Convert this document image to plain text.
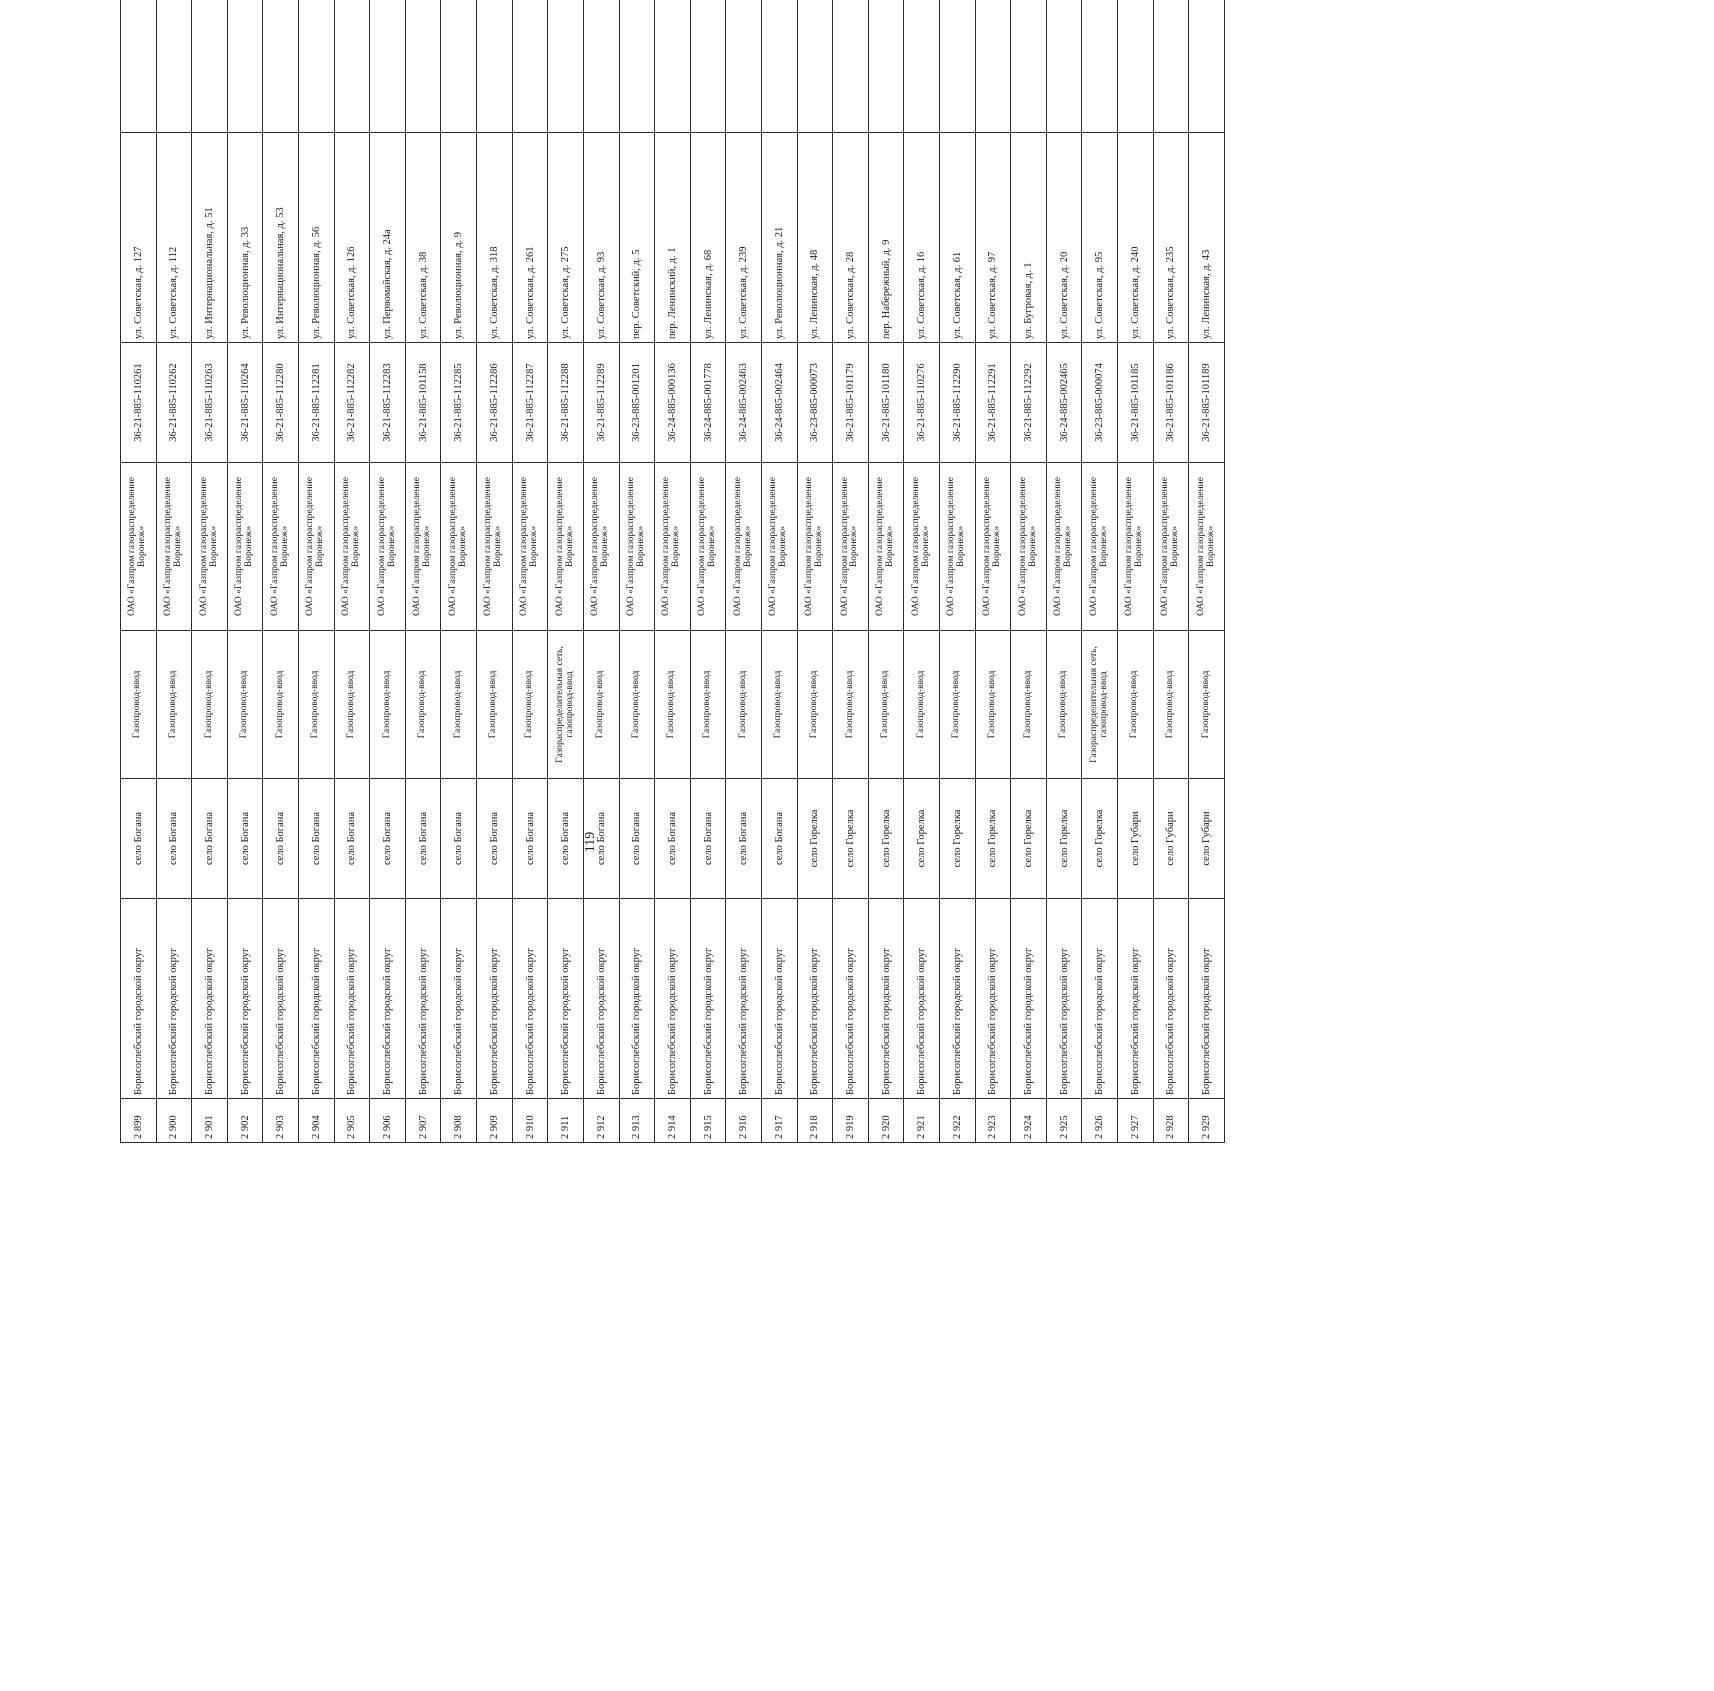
119
2 899	Борисоглебский городской округ	село Богана	Газопровод-ввод	ОАО «Газпром газораспределение Воронеж»	36-21-885-110261	ул. Советская, д. 127					
2 900	Борисоглебский городской округ	село Богана	Газопровод-ввод	ОАО «Газпром газораспределение Воронеж»	36-21-885-110262	ул. Советская, д. 112					
2 901	Борисоглебский городской округ	село Богана	Газопровод-ввод	ОАО «Газпром газораспределение Воронеж»	36-21-885-110263	ул. Интернациональная, д. 51					
2 902	Борисоглебский городской округ	село Богана	Газопровод-ввод	ОАО «Газпром газораспределение Воронеж»	36-21-885-110264	ул. Революционная, д. 33					
2 903	Борисоглебский городской округ	село Богана	Газопровод-ввод	ОАО «Газпром газораспределение Воронеж»	36-21-885-112280	ул. Интернациональная, д. 53					
2 904	Борисоглебский городской округ	село Богана	Газопровод-ввод	ОАО «Газпром газораспределение Воронеж»	36-21-885-112281	ул. Революционная, д. 56					
2 905	Борисоглебский городской округ	село Богана	Газопровод-ввод	ОАО «Газпром газораспределение Воронеж»	36-21-885-112282	ул. Советская, д. 126					
2 906	Борисоглебский городской округ	село Богана	Газопровод-ввод	ОАО «Газпром газораспределение Воронеж»	36-21-885-112283	ул. Первомайская, д. 24а					
2 907	Борисоглебский городской округ	село Богана	Газопровод-ввод	ОАО «Газпром газораспределение Воронеж»	36-21-885-101158	ул. Советская, д. 38					
2 908	Борисоглебский городской округ	село Богана	Газопровод-ввод	ОАО «Газпром газораспределение Воронеж»	36-21-885-112285	ул. Революционная, д. 9					
2 909	Борисоглебский городской округ	село Богана	Газопровод-ввод	ОАО «Газпром газораспределение Воронеж»	36-21-885-112286	ул. Советская, д. 318					
2 910	Борисоглебский городской округ	село Богана	Газопровод-ввод	ОАО «Газпром газораспределение Воронеж»	36-21-885-112287	ул. Советская, д. 261					
2 911	Борисоглебский городской округ	село Богана	Газораспределительная сеть, газопровод-ввод	ОАО «Газпром газораспределение Воронеж»	36-21-885-112288	ул. Советская, д. 275					
2 912	Борисоглебский городской округ	село Богана	Газопровод-ввод	ОАО «Газпром газораспределение Воронеж»	36-21-885-112289	ул. Советская, д. 93					
2 913	Борисоглебский городской округ	село Богана	Газопровод-ввод	ОАО «Газпром газораспределение Воронеж»	36-23-885-001201	пер. Советский, д. 5					
2 914	Борисоглебский городской округ	село Богана	Газопровод-ввод	ОАО «Газпром газораспределение Воронеж»	36-24-885-000136	пер. Ленинский, д. 1					
2 915	Борисоглебский городской округ	село Богана	Газопровод-ввод	ОАО «Газпром газораспределение Воронеж»	36-24-885-001778	ул. Ленинская, д. 68					
2 916	Борисоглебский городской округ	село Богана	Газопровод-ввод	ОАО «Газпром газораспределение Воронеж»	36-24-885-002463	ул. Советская, д. 239					
2 917	Борисоглебский городской округ	село Богана	Газопровод-ввод	ОАО «Газпром газораспределение Воронеж»	36-24-885-002464	ул. Революционная, д. 21					
2 918	Борисоглебский городской округ	село Горелка	Газопровод-ввод	ОАО «Газпром газораспределение Воронеж»	36-23-885-000073	ул. Ленинская, д. 48					
2 919	Борисоглебский городской округ	село Горелка	Газопровод-ввод	ОАО «Газпром газораспределение Воронеж»	36-21-885-101179	ул. Советская, д. 28					
2 920	Борисоглебский городской округ	село Горелка	Газопровод-ввод	ОАО «Газпром газораспределение Воронеж»	36-21-885-101180	пер. Набережный, д. 9					
2 921	Борисоглебский городской округ	село Горелка	Газопровод-ввод	ОАО «Газпром газораспределение Воронеж»	36-21-885-110276	ул. Советская, д. 16					
2 922	Борисоглебский городской округ	село Горелка	Газопровод-ввод	ОАО «Газпром газораспределение Воронеж»	36-21-885-112290	ул. Советская, д. 61					
2 923	Борисоглебский городской округ	село Горелка	Газопровод-ввод	ОАО «Газпром газораспределение Воронеж»	36-21-885-112291	ул. Советская, д. 97					
2 924	Борисоглебский городской округ	село Горелка	Газопровод-ввод	ОАО «Газпром газораспределение Воронеж»	36-21-885-112292	ул. Бугровая, д. 1					
2 925	Борисоглебский городской округ	село Горелка	Газопровод-ввод	ОАО «Газпром газораспределение Воронеж»	36-24-885-002465	ул. Советская, д. 20					
2 926	Борисоглебский городской округ	село Горелка	Газораспределительная сеть, газопровод-ввод	ОАО «Газпром газораспределение Воронеж»	36-23-885-000074	ул. Советская, д. 95					
2 927	Борисоглебский городской округ	село Губари	Газопровод-ввод	ОАО «Газпром газораспределение Воронеж»	36-21-885-101185	ул. Советская, д. 240					
2 928	Борисоглебский городской округ	село Губари	Газопровод-ввод	ОАО «Газпром газораспределение Воронеж»	36-21-885-101186	ул. Советская, д. 235					
2 929	Борисоглебский городской округ	село Губари	Газопровод-ввод	ОАО «Газпром газораспределение Воронеж»	36-21-885-101189	ул. Ленинская, д. 43					
